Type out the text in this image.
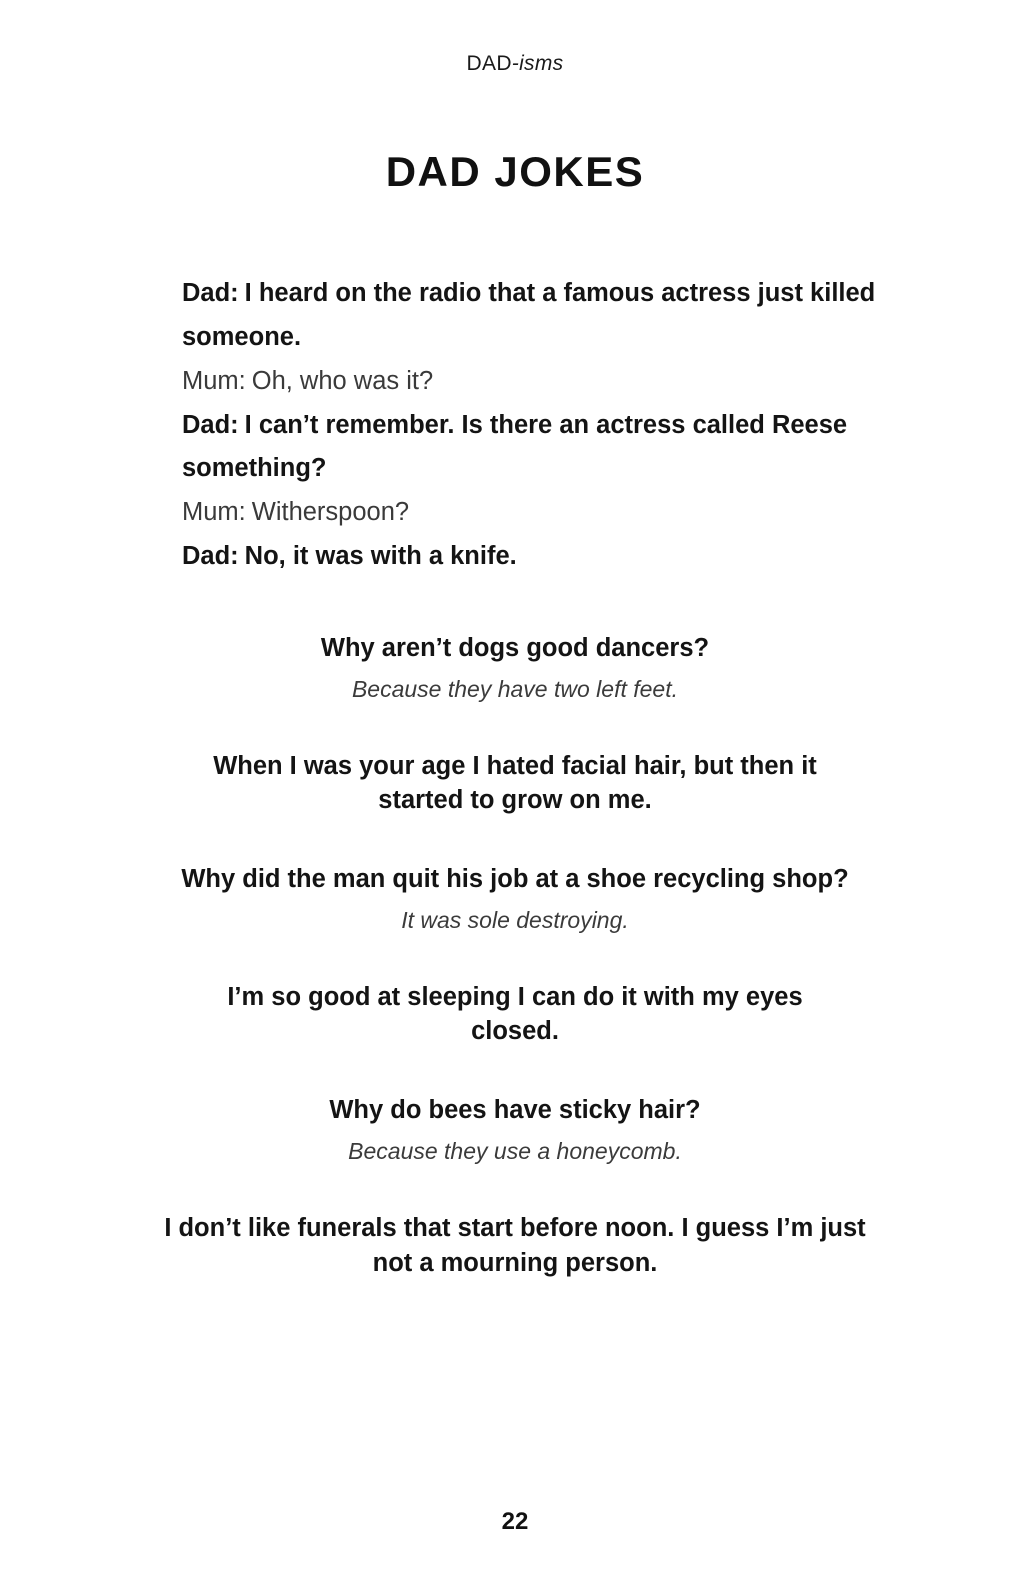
DAD-isms
DAD JOKES

Dad: I heard on the radio that a famous actress just killed someone.

Mum: Oh, who was it?

Dad: I can’t remember. Is there an actress called Reese something?

Mum: Witherspoon?

Dad: No, it was with a knife.

Why aren’t dogs good dancers?

Because they have two left feet.

When I was your age I hated facial hair, but then it started to grow on me.

Why did the man quit his job at a shoe recycling shop?

It was sole destroying.

I’m so good at sleeping I can do it with my eyes closed.

Why do bees have sticky hair?

Because they use a honeycomb.

I don’t like funerals that start before noon. I guess I’m just not a mourning person.

22
